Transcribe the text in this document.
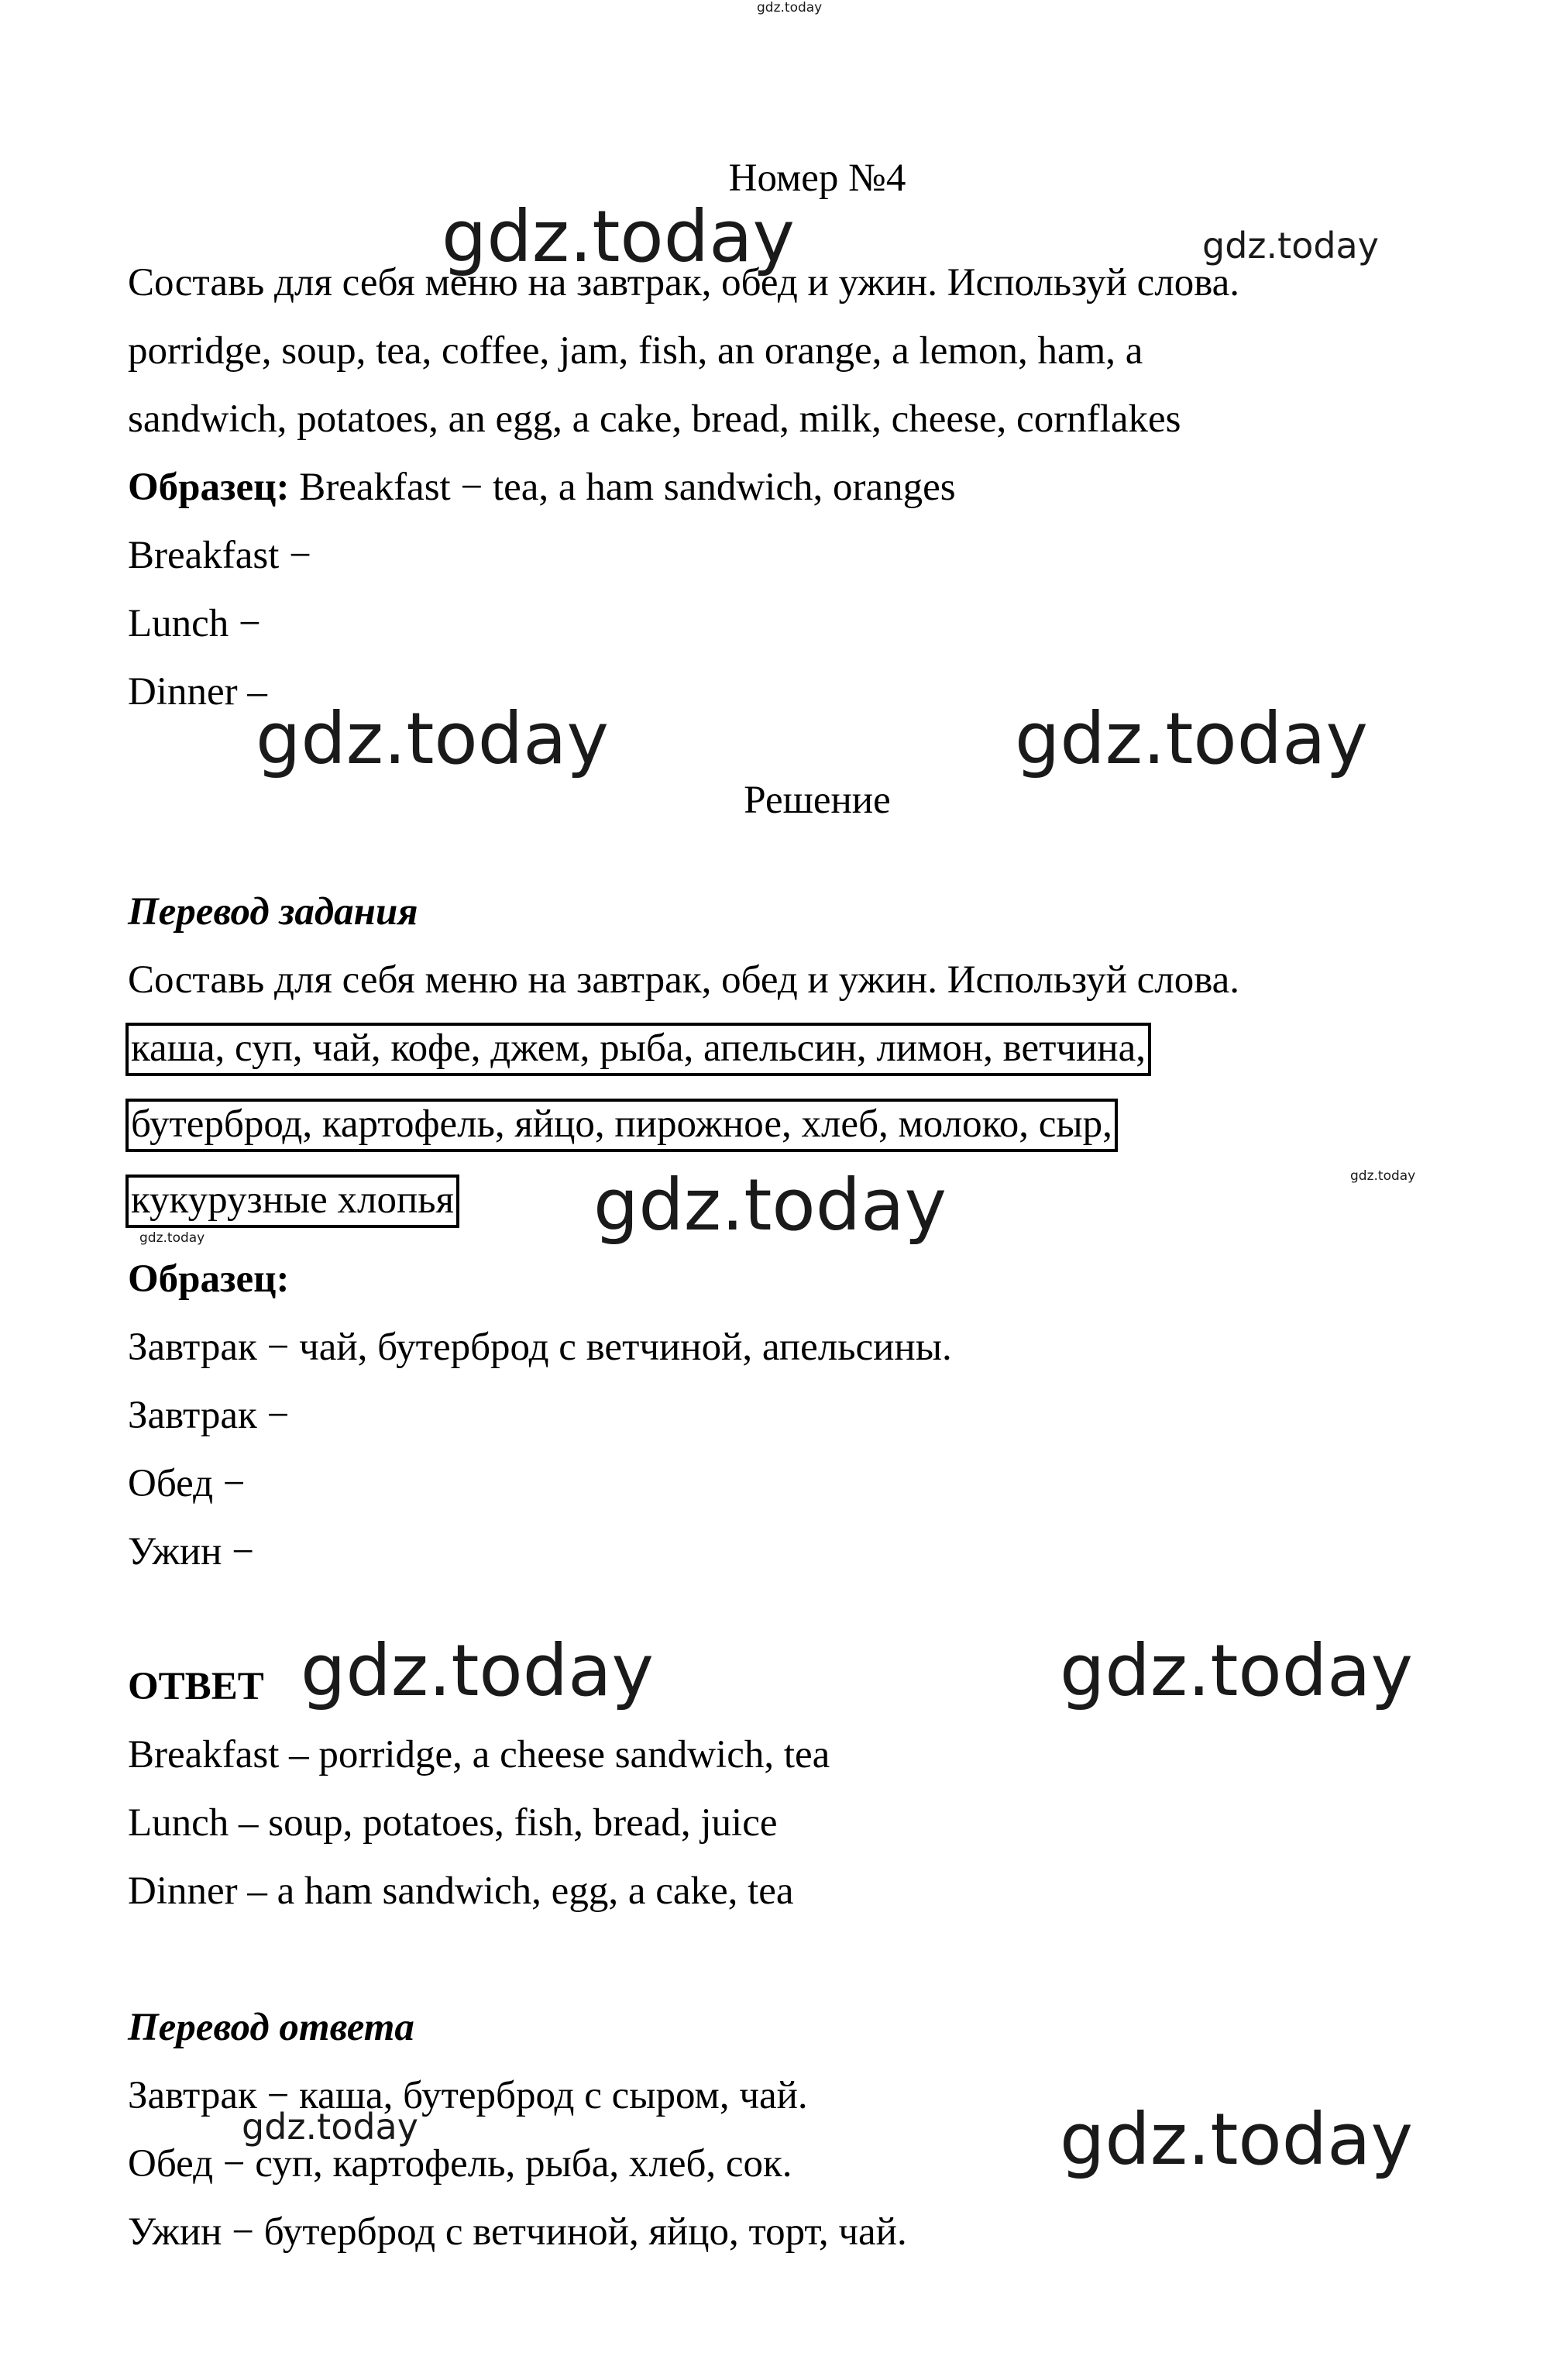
gdz.today
gdz.today	gdz.today
gdz.today	gdz.today
gdz.today	gdz.today
gdz.today
gdz.today	gdz.today
gdz.today	gdz.today
Номер №4
Составь для себя меню на завтрак, обед и ужин. Используй слова.
porridge, soup, tea, coffee, jam, fish, an orange, a lemon, ham, a
sandwich, potatoes, an egg, a cake, bread, milk, cheese, cornflakes
Образец: Breakfast − tea, a ham sandwich, oranges
Breakfast −
Lunch −
Dinner –
Решение
Перевод задания
Составь для себя меню на завтрак, обед и ужин. Используй слова.
каша, суп, чай, кофе, джем, рыба, апельсин, лимон, ветчина,
бутерброд, картофель, яйцо, пирожное, хлеб, молоко, сыр,
кукурузные хлопья
Образец:
Завтрак − чай, бутерброд с ветчиной, апельсины.
Завтрак −
Обед −
Ужин −
ОТВЕТ
Breakfast – porridge, a cheese sandwich, tea
Lunch – soup, potatoes, fish, bread, juice
Dinner – a ham sandwich, egg, a cake, tea
Перевод ответа
Завтрак − каша, бутерброд с сыром, чай.
Обед − суп, картофель, рыба, хлеб, сок.
Ужин − бутерброд с ветчиной, яйцо, торт, чай.
